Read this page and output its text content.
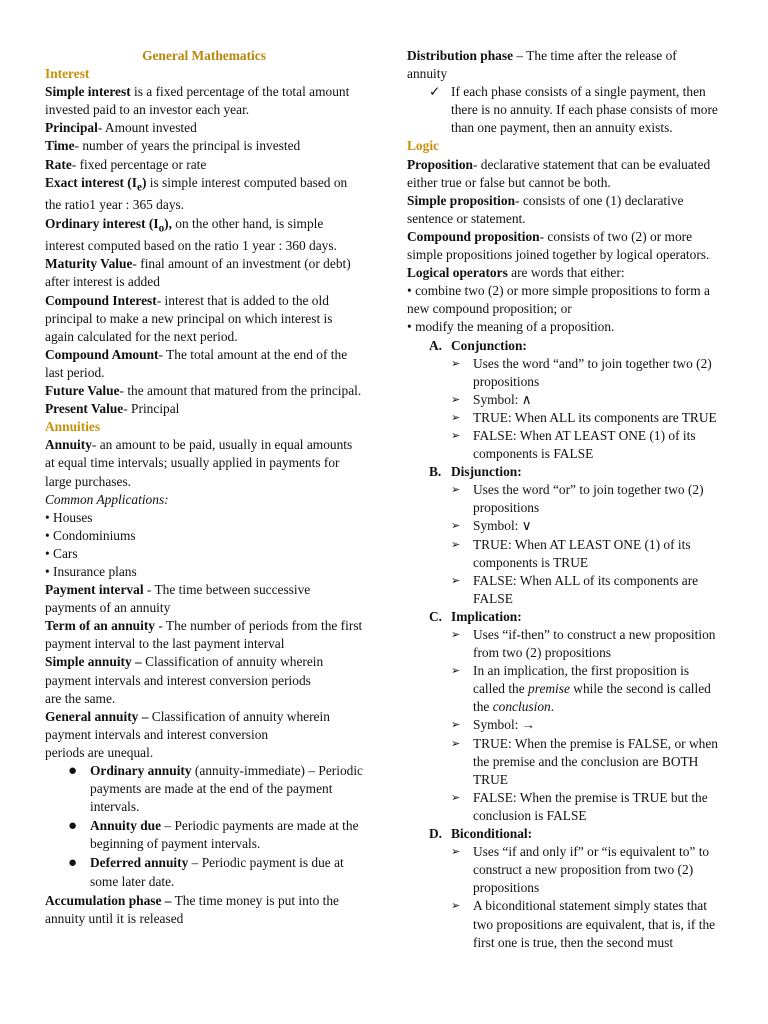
General Mathematics

Interest

Simple interest is a fixed percentage of the total amount invested paid to an investor each year.

Principal- Amount invested

Time- number of years the principal is invested

Rate- fixed percentage or rate

Exact interest $(I_e)$ is simple interest computed based on the ratio1 year : 365 days.

Ordinary interest $(I_o)$, on the other hand, is simple interest computed based on the ratio 1 year : 360 days.

Maturity Value- final amount of an investment (or debt) after interest is added

Compound Interest- interest that is added to the old principal to make a new principal on which interest is again calculated for the next period.

Compound Amount- The total amount at the end of the last period.

Future Value- the amount that matured from the principal.

Present Value- Principal

Annuities

Annuity- an amount to be paid, usually in equal amounts at equal time intervals; usually applied in payments for large purchases.

Common Applications:

• Houses
• Condominiums
• Cars
• Insurance plans

Payment interval - The time between successive payments of an annuity

Term of an annuity - The number of periods from the first payment interval to the last payment interval

Simple annuity – Classification of annuity wherein payment intervals and interest conversion periods
are the same.

General annuity – Classification of annuity wherein payment intervals and interest conversion
periods are unequal.

● Ordinary annuity (annuity-immediate) – Periodic payments are made at the end of the payment intervals.
● Annuity due – Periodic payments are made at the beginning of payment intervals.
● Deferred annuity – Periodic payment is due at some later date.

Accumulation phase – The time money is put into the annuity until it is released

Distribution phase – The time after the release of annuity

✓ If each phase consists of a single payment, then there is no annuity. If each phase consists of more than one payment, then an annuity exists.

Logic

Proposition- declarative statement that can be evaluated either true or false but cannot be both.

Simple proposition- consists of one (1) declarative sentence or statement.

Compound proposition- consists of two (2) or more simple propositions joined together by logical operators.

Logical operators are words that either:

• combine two (2) or more simple propositions to form a new compound proposition; or

• modify the meaning of a proposition.

A. Conjunction:
➢ Uses the word “and” to join together two (2) propositions
➢ Symbol: ∧
➢ TRUE: When ALL its components are TRUE
➢ FALSE: When AT LEAST ONE (1) of its components is FALSE
B. Disjunction:
➢ Uses the word “or” to join together two (2) propositions
➢ Symbol: ∨
➢ TRUE: When AT LEAST ONE (1) of its components is TRUE
➢ FALSE: When ALL of its components are FALSE
C. Implication:
➢ Uses “if-then” to construct a new proposition from two (2) propositions
➢ In an implication, the first proposition is called the premise while the second is called the conclusion.
➢ Symbol: →
➢ TRUE: When the premise is FALSE, or when the premise and the conclusion are BOTH TRUE
➢ FALSE: When the premise is TRUE but the conclusion is FALSE
D. Biconditional:
➢ Uses “if and only if” or “is equivalent to” to construct a new proposition from two (2) propositions
➢ A biconditional statement simply states that two propositions are equivalent, that is, if the first one is true, then the second must
